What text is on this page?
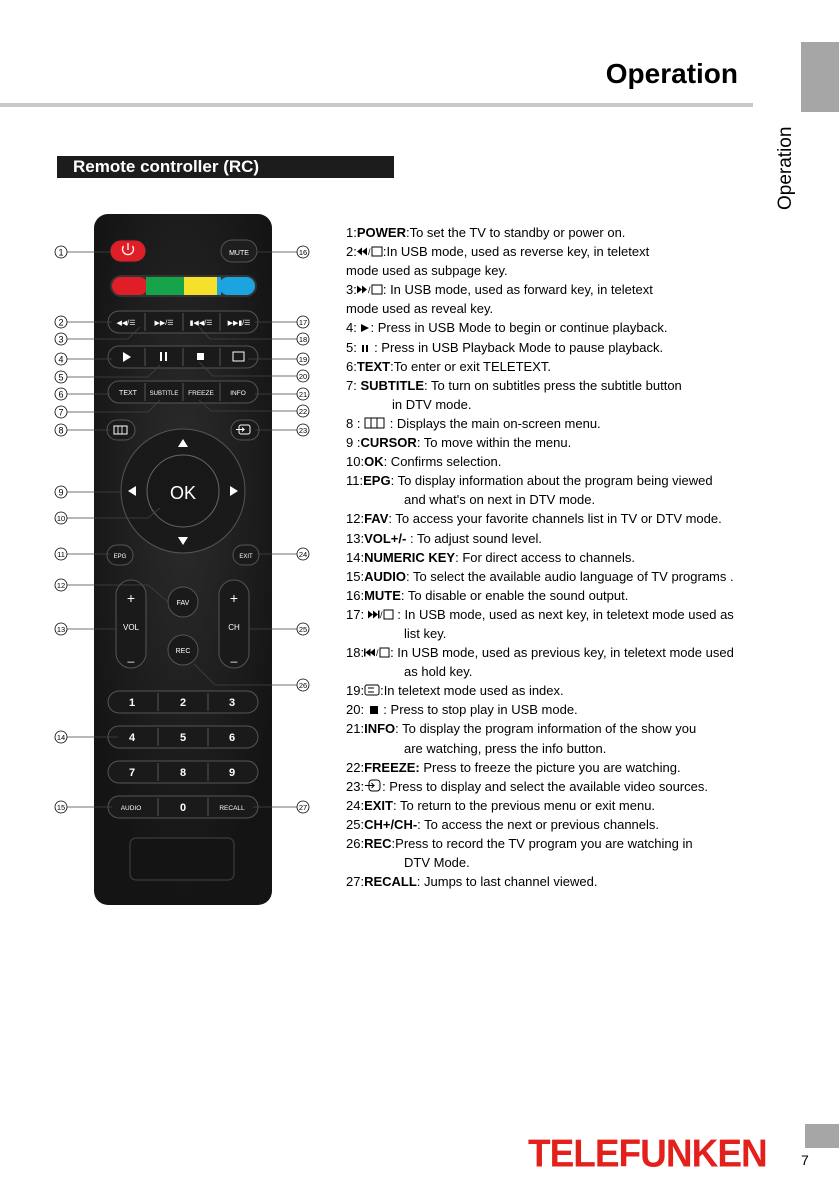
Operation
Operation
Remote controller (RC)
MUTE
◀◀/☰	▶▶/☰ ▮◀◀/☰ ▶▶▮/☰
TEXT SUBTITLE FREEZE	INFO
OK
EPG	EXIT
+
VOL
_
+
CH
_
FAV
REC
1	2	3
4	5	6
7	8	9
AUDIO	0	RECALL
1
2
3
4
5
6
7
8
9
10
11
12
13
14
15
16
17
18
19
20
21
22
23
24
25
26
27
1:POWER:To set the TV to standby or power on.
2: / :In USB mode, used as reverse key, in teletext
mode used as subpage key.
3: / : In USB mode, used as forward key, in teletext
mode used as reveal key.
4: : Press in USB Mode to begin or continue playback.
5:  : Press in USB Playback Mode to pause playback.
6:TEXT:To enter or exit TELETEXT.
7: SUBTITLE: To turn on subtitles press the subtitle button
in DTV mode.
8 :  : Displays the main on-screen menu.
9 :CURSOR: To move within the menu.
10:OK: Confirms selection.
11:EPG: To display information about the program being viewed
and what's on next in DTV mode.
12:FAV: To access your favorite channels list in TV or DTV mode.
13:VOL+/- : To adjust sound level.
14:NUMERIC KEY: For direct access to channels.
15:AUDIO: To select the available audio language of TV programs .
16:MUTE: To disable or enable the sound output.
17: / : In USB mode, used as next key, in teletext mode used as
list key.
18: / : In USB mode, used as previous key, in teletext mode used
as hold key.
19: :In teletext mode used as index.
20:  : Press to stop play in USB mode.
21:INFO: To display the program information of the show you
are watching, press the info button.
22:FREEZE: Press to freeze the picture you are watching.
23: : Press to display and select the available video sources.
24:EXIT: To return to the previous menu or exit menu.
25:CH+/CH-: To access the next or previous channels.
26:REC:Press to record the TV program you are watching in
DTV Mode.
27:RECALL: Jumps to last channel viewed.
TELEFUNKEN 7
